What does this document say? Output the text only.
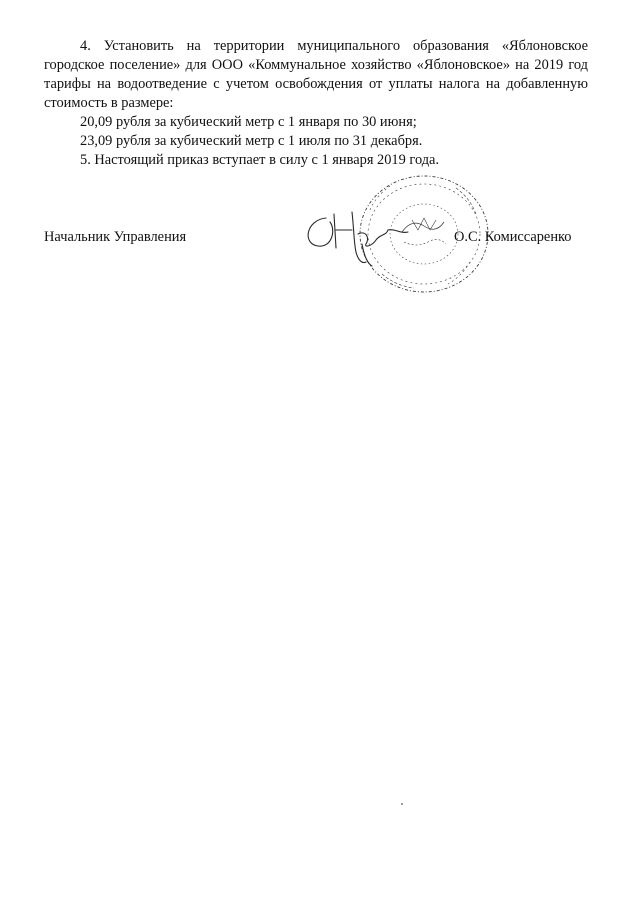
4. Установить на территории муниципального образования «Яблоновское городское поселение» для ООО «Коммунальное хозяйство «Яблоновское» на 2019 год тарифы на водоотведение с учетом освобождения от уплаты налога на добавленную стоимость в размере:

20,09 рубля за кубический метр с 1 января по 30 июня;

23,09 рубля за кубический метр с 1 июля по 31 декабря.

5. Настоящий приказ вступает в силу с 1 января 2019 года.

Начальник Управления	О.С. Комиссаренко
